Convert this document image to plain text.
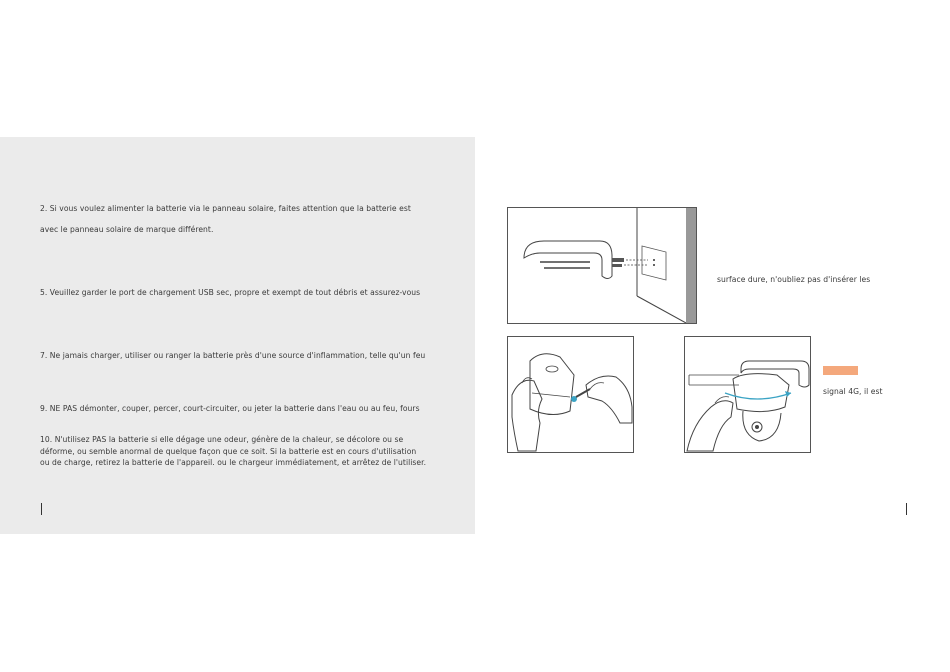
2. Si vous voulez alimenter la batterie via le panneau solaire, faites attention que la batterie est
avec le panneau solaire de marque différent.
5. Veuillez garder le port de chargement USB sec, propre et exempt de tout débris et assurez-vous
7. Ne jamais charger, utiliser ou ranger la batterie près d'une source d'inflammation, telle qu'un feu
9. NE PAS démonter, couper, percer, court-circuiter, ou jeter la batterie dans l'eau ou au feu, fours
10. N'utilisez PAS la batterie si elle dégage une odeur, génère de la chaleur, se décolore ou se
déforme, ou semble anormal de quelque façon que ce soit. Si la batterie est en cours d'utilisation
ou de charge, retirez la batterie de l'appareil. ou le chargeur immédiatement, et arrêtez de l'utiliser.
surface dure, n'oubliez pas d'insérer les
signal 4G, il est
